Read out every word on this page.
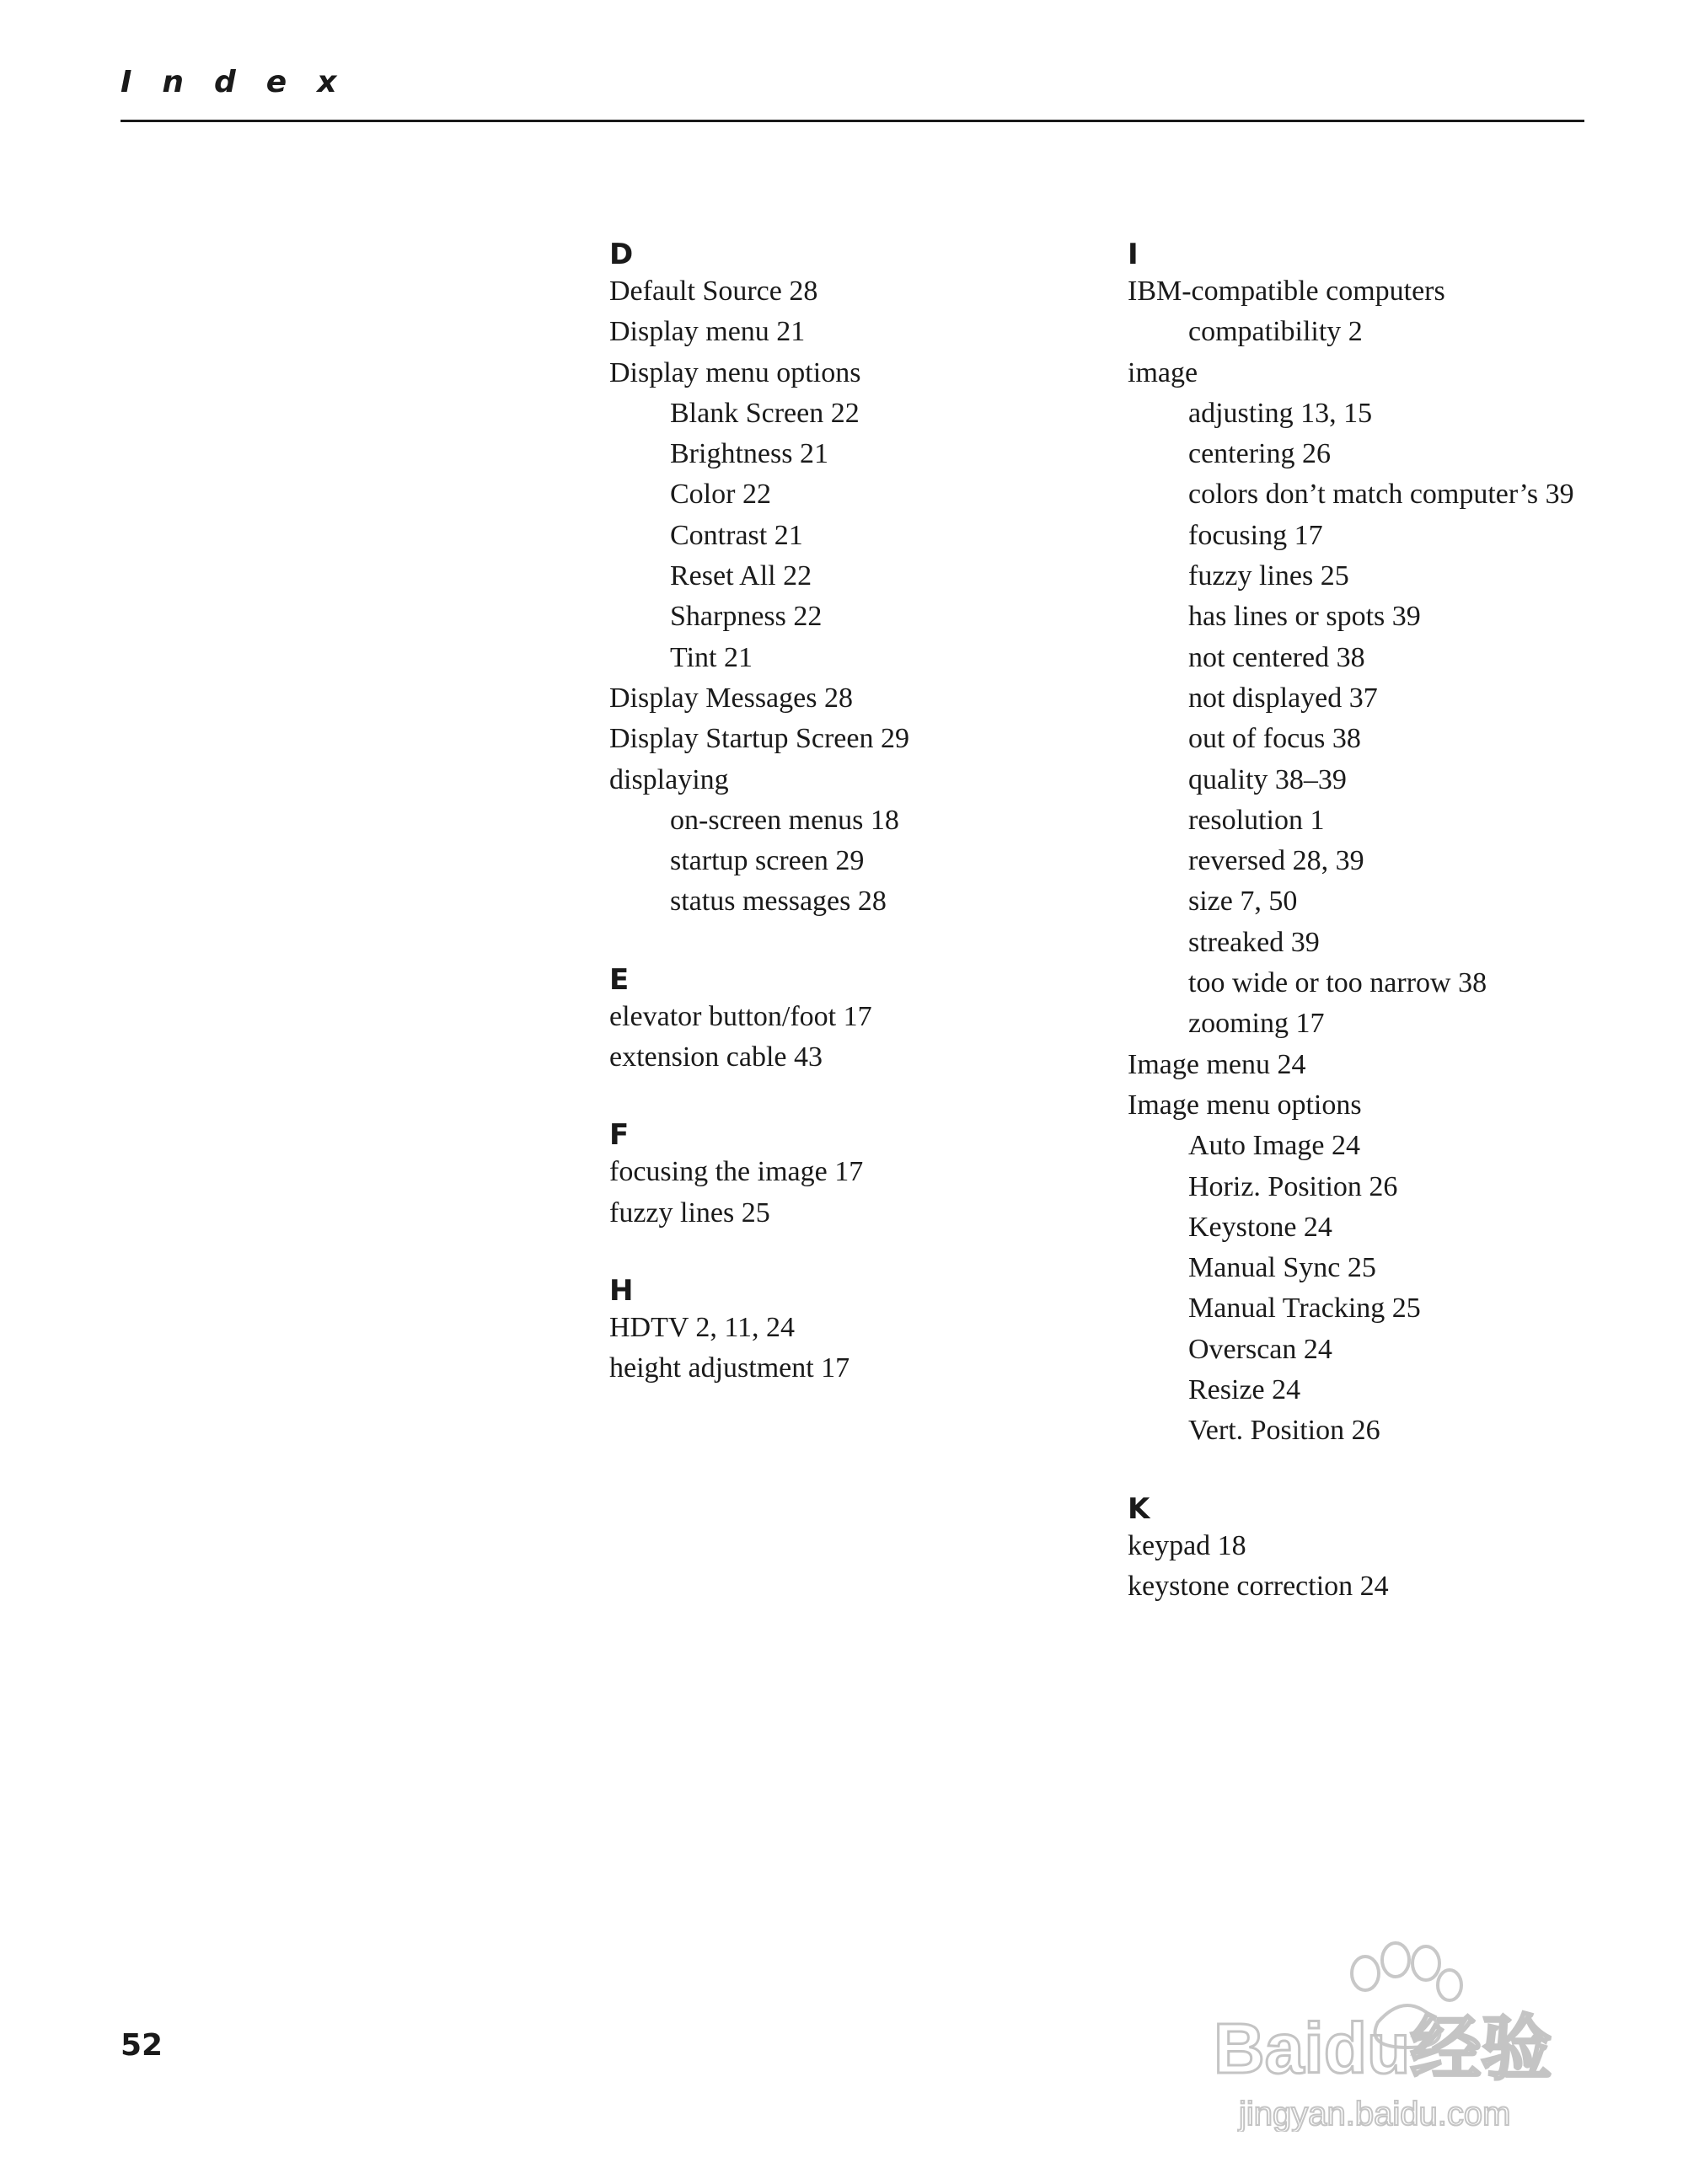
Index
D
Default Source 28
Display menu 21
Display menu options
Blank Screen 22
Brightness 21
Color 22
Contrast 21
Reset All 22
Sharpness 22
Tint 21
Display Messages 28
Display Startup Screen 29
displaying
on-screen menus 18
startup screen 29
status messages 28
E
elevator button/foot 17
extension cable 43
F
focusing the image 17
fuzzy lines 25
H
HDTV 2, 11, 24
height adjustment 17
I
IBM-compatible computers
compatibility 2
image
adjusting 13, 15
centering 26
colors don’t match computer’s 39
focusing 17
fuzzy lines 25
has lines or spots 39
not centered 38
not displayed 37
out of focus 38
quality 38–39
resolution 1
reversed 28, 39
size 7, 50
streaked 39
too wide or too narrow 38
zooming 17
Image menu 24
Image menu options
Auto Image 24
Horiz. Position 26
Keystone 24
Manual Sync 25
Manual Tracking 25
Overscan 24
Resize 24
Vert. Position 26
K
keypad 18
keystone correction 24
52	Baidu经验
jingyan.baidu.com
